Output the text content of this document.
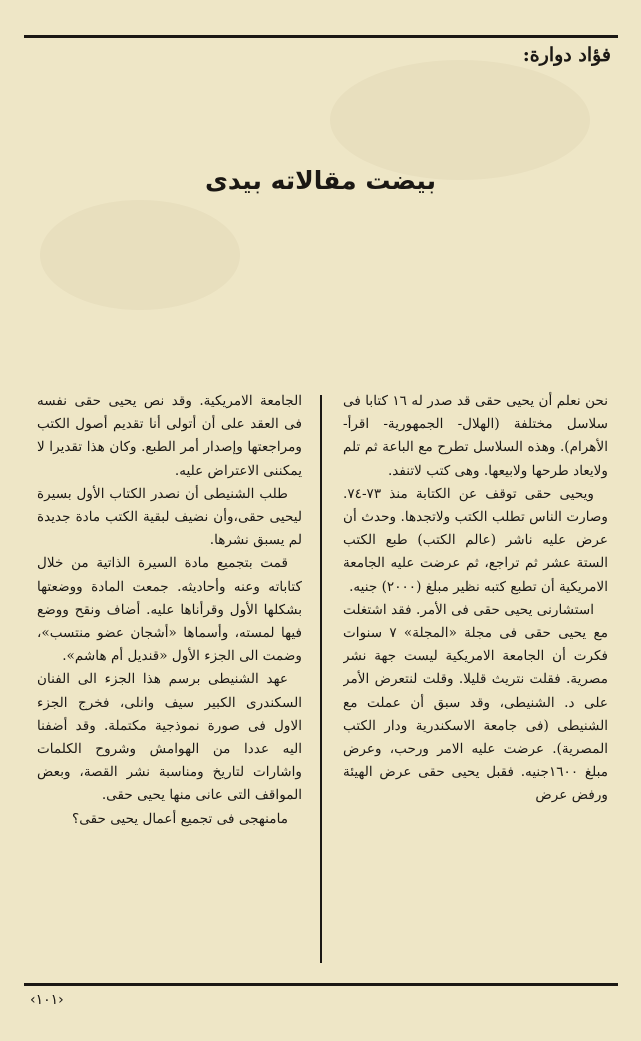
فؤاد دوارة:
بيضت مقالاته بيدى

نحن نعلم أن يحيى حقى قد صدر له ١٦ كتابا فى سلاسل مختلفة (الهلال- الجمهورية- اقرأ- الأهرام). وهذه السلاسل تطرح مع الباعة ثم تلم ولايعاد طرحها ولابيعها. وهى كتب لاتنفد.

ويحيى حقى توقف عن الكتابة منذ ٧٣-٧٤. وصارت الناس تطلب الكتب ولاتجدها. وحدث أن عرض عليه ناشر (عالم الكتب) طبع الكتب الستة عشر ثم تراجع، ثم عرضت عليه الجامعة الامريكية أن تطبع كتبه نظير مبلغ (٢٠٠٠) جنيه.

استشارنى يحيى حقى فى الأمر. فقد اشتغلت مع يحيى حقى فى مجلة «المجلة» ٧ سنوات فكرت أن الجامعة الامريكية ليست جهة نشر مصرية. فقلت نتريث قليلا. وقلت لنتعرض الأمر على د. الشنيطى، وقد سبق أن عملت مع الشنيطى (فى جامعة الاسكندرية ودار الكتب المصرية). عرضت عليه الامر ورحب، وعرض مبلغ ١٦٠٠جنيه. فقبل يحيى حقى عرض الهيئة ورفض عرض

الجامعة الامريكية. وقد نص يحيى حقى نفسه فى العقد على أن أتولى أنا تقديم أصول الكتب ومراجعتها وإصدار أمر الطبع. وكان هذا تقديرا لا يمكننى الاعتراض عليه.

طلب الشنيطى أن نصدر الكتاب الأول بسيرة ليحيى حقى،وأن نضيف لبقية الكتب مادة جديدة لم يسبق نشرها.

قمت بتجميع مادة السيرة الذاتية من خلال كتاباته وعنه وأحاديثه. جمعت المادة ووضعتها بشكلها الأول وقرأناها عليه. أضاف ونقح ووضع فيها لمسته، وأسماها «أشجان عضو منتسب»، وضمت الى الجزء الأول «قنديل أم هاشم».

عهد الشنيطى برسم هذا الجزء الى الفنان السكندرى الكبير سيف وانلى، فخرج الجزء الاول فى صورة نموذجية مكتملة. وقد أضفنا اليه عددا من الهوامش وشروح الكلمات واشارات لتاريخ ومناسبة نشر القصة، وبعض المواقف التى عانى منها يحيى حقى.

مامنهجى فى تجميع أعمال يحيى حقى؟

‹١٠١›
